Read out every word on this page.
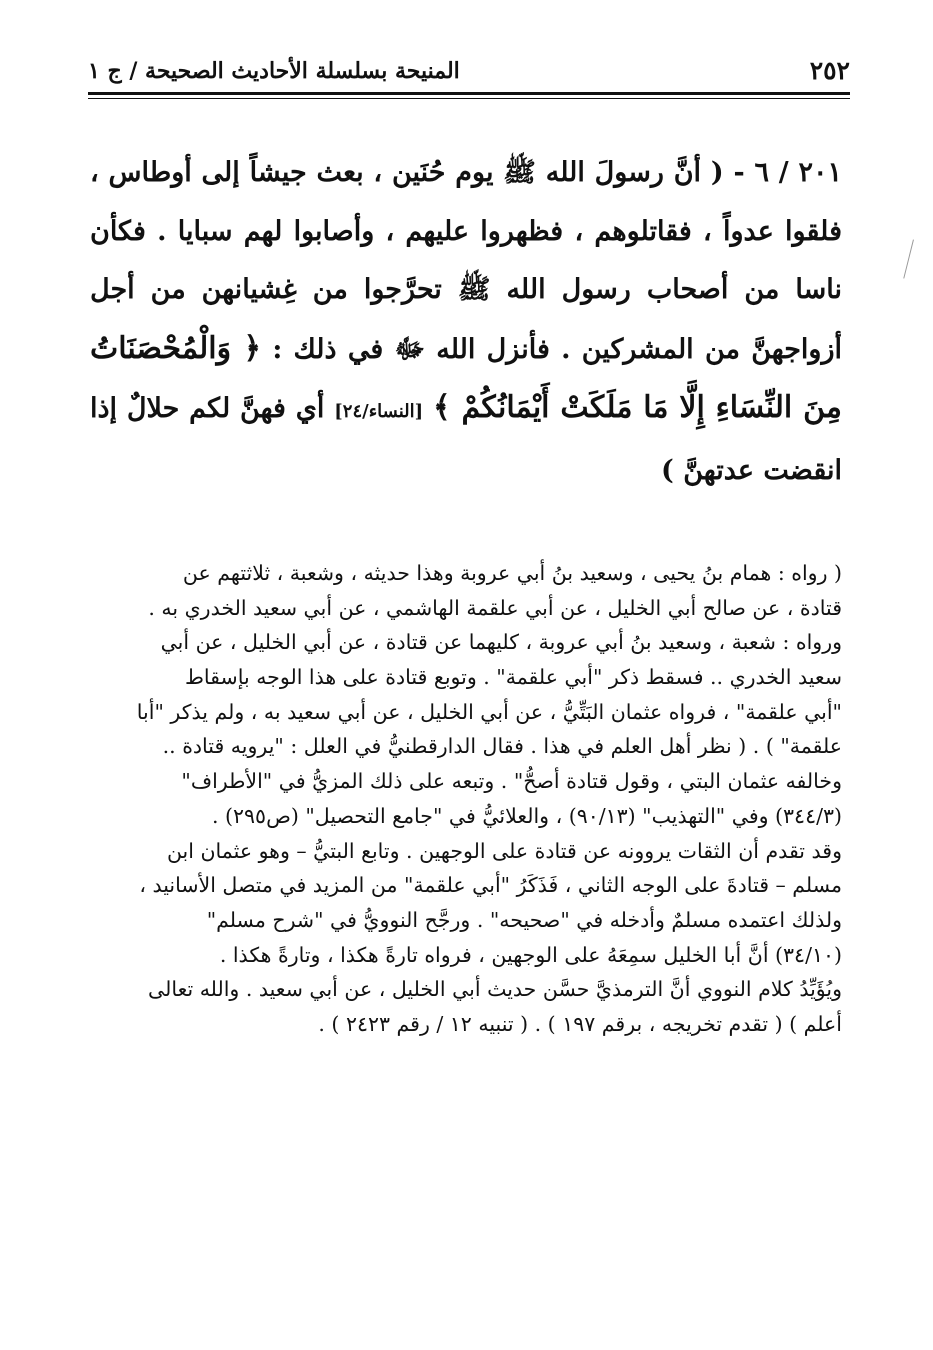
٢٥٢
المنيحة بسلسلة الأحاديث الصحيحة / ج ١
٢٠١ / ٦ - ( أنَّ رسولَ الله ﷺ يوم حُنَين ، بعث جيشاً إلى أوطاس ، فلقوا عدواً ، فقاتلوهم ، فظهروا عليهم ، وأصابوا لهم سبايا . فكأن ناسا من أصحاب رسول الله ﷺ تحرَّجوا من غِشيانهن من أجل أزواجهنَّ من المشركين . فأنزل الله ﷻ في ذلك : ﴿ وَالْمُحْصَنَاتُ مِنَ النِّسَاءِ إِلَّا مَا مَلَكَتْ أَيْمَانُكُمْ ﴾ [النساء/٢٤] أي فهنَّ لكم حلالٌ إذا انقضت عدتهنَّ )

( رواه : همام بنُ يحيى ، وسعيد بنُ أبي عروبة وهذا حديثه ، وشعبة ، ثلاثتهم عن

قتادة ، عن صالح أبي الخليل ، عن أبي علقمة الهاشمي ، عن أبي سعيد الخدري به .

ورواه : شعبة ، وسعيد بنُ أبي عروبة ، كليهما عن قتادة ، عن أبي الخليل ، عن أبي

سعيد الخدري .. فسقط ذكر "أبي علقمة" . وتوبع قتادة على هذا الوجه بإسقاط

"أبي علقمة" ، فرواه عثمان البَتِّيُّ ، عن أبي الخليل ، عن أبي سعيد به ، ولم يذكر "أبا

علقمة" ) . ( نظر أهل العلم في هذا . فقال الدارقطنيُّ في العلل : "يرويه قتادة ..

وخالفه عثمان البتي ، وقول قتادة أصحُّ" . وتبعه على ذلك المزيُّ في "الأطراف"

(٣٤٤/٣) وفي "التهذيب" (٩٠/١٣) ، والعلائيُّ في "جامع التحصيل" (ص٢٩٥) .

وقد تقدم أن الثقات يروونه عن قتادة على الوجهين . وتابع البتيُّ – وهو عثمان ابن

مسلم – قتادةَ على الوجه الثاني ، فَذَكَرُ "أبي علقمة" من المزيد في متصل الأسانيد ،

ولذلك اعتمده مسلمٌ وأدخله في "صحيحه" . ورجَّح النوويُّ في "شرح مسلم"

(٣٤/١٠) أنَّ أبا الخليل سمِعَهُ على الوجهين ، فرواه تارةً هكذا ، وتارةً هكذا .

ويُؤَيِّدُ كلام النووي أنَّ الترمذيَّ حسَّن حديث أبي الخليل ، عن أبي سعيد . والله تعالى

أعلم ) ( تقدم تخريجه ، برقم ١٩٧ ) . ( تنبيه ١٢ / رقم ٢٤٢٣ ) .
